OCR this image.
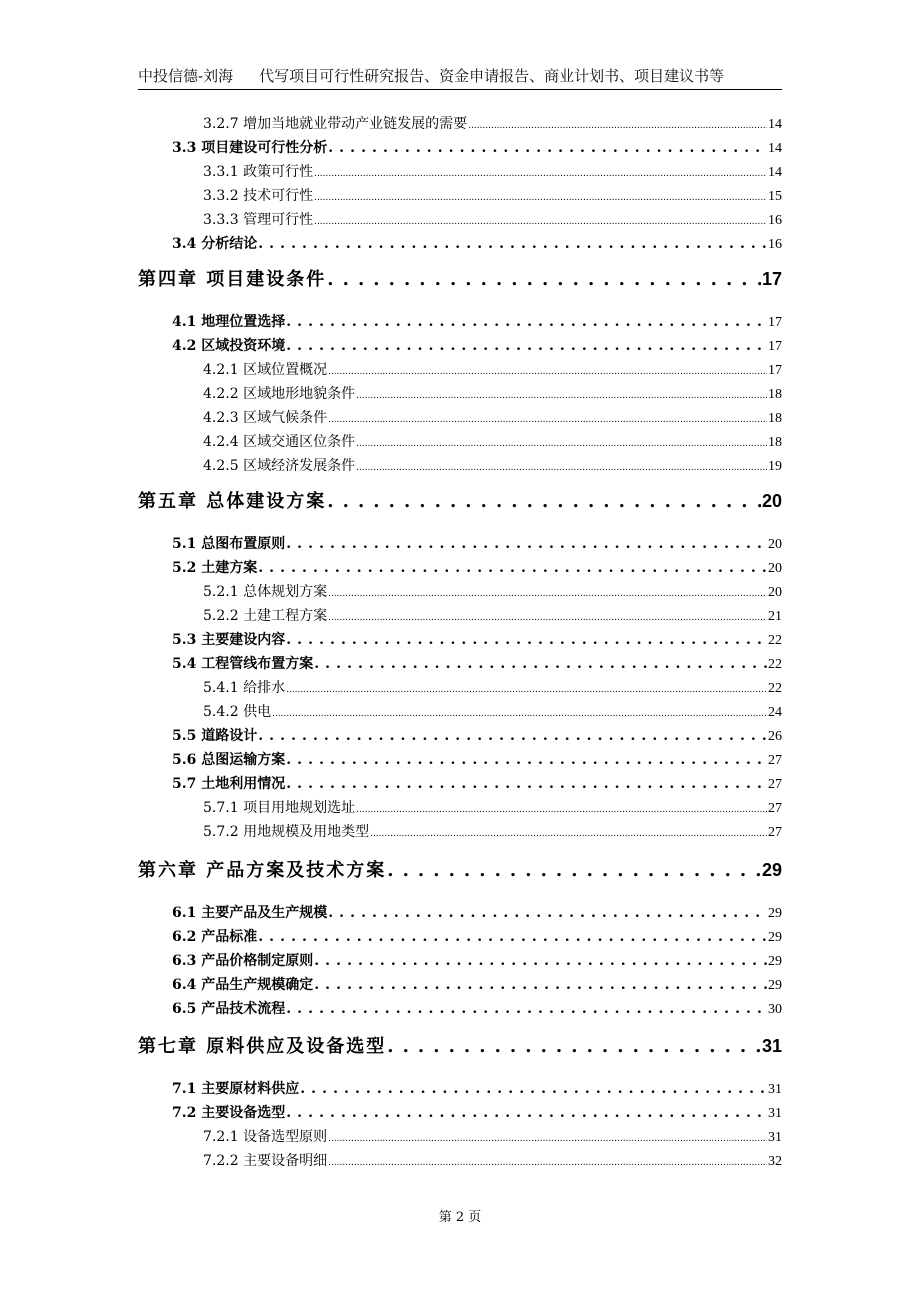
中投信德-刘海 代写项目可行性研究报告、资金申请报告、商业计划书、项目建议书等
3.2.7 增加当地就业带动产业链发展的需要 .....	14
3.3 项目建设可行性分析 . . .	14
3.3.1 政策可行性 .....	14
3.3.2 技术可行性 .....	15
3.3.3 管理可行性 .....	16
3.4 分析结论 . . .	16
第四章 项目建设条件 . . .	17
4.1 地理位置选择 . . .	17
4.2 区域投资环境 . . .	17
4.2.1 区域位置概况 .....	17
4.2.2 区域地形地貌条件 .....	18
4.2.3 区域气候条件 .....	18
4.2.4 区域交通区位条件 .....	18
4.2.5 区域经济发展条件 .....	19
第五章 总体建设方案 . . .	20
5.1 总图布置原则 . . .	20
5.2 土建方案 . . .	20
5.2.1 总体规划方案 .....	20
5.2.2 土建工程方案 .....	21
5.3 主要建设内容 . . .	22
5.4 工程管线布置方案 . . .	22
5.4.1 给排水 .....	22
5.4.2 供电 .....	24
5.5 道路设计 . . .	26
5.6 总图运输方案 . . .	27
5.7 土地利用情况 . . .	27
5.7.1 项目用地规划选址 .....	27
5.7.2 用地规模及用地类型 .....	27
第六章 产品方案及技术方案 . . .	29
6.1 主要产品及生产规模 . . .	29
6.2 产品标准 . . .	29
6.3 产品价格制定原则 . . .	29
6.4 产品生产规模确定 . . .	29
6.5 产品技术流程 . . .	30
第七章 原料供应及设备选型 . . .	31
7.1 主要原材料供应 . . .	31
7.2 主要设备选型 . . .	31
7.2.1 设备选型原则 .....	31
7.2.2 主要设备明细 .....	32
第 2 页
